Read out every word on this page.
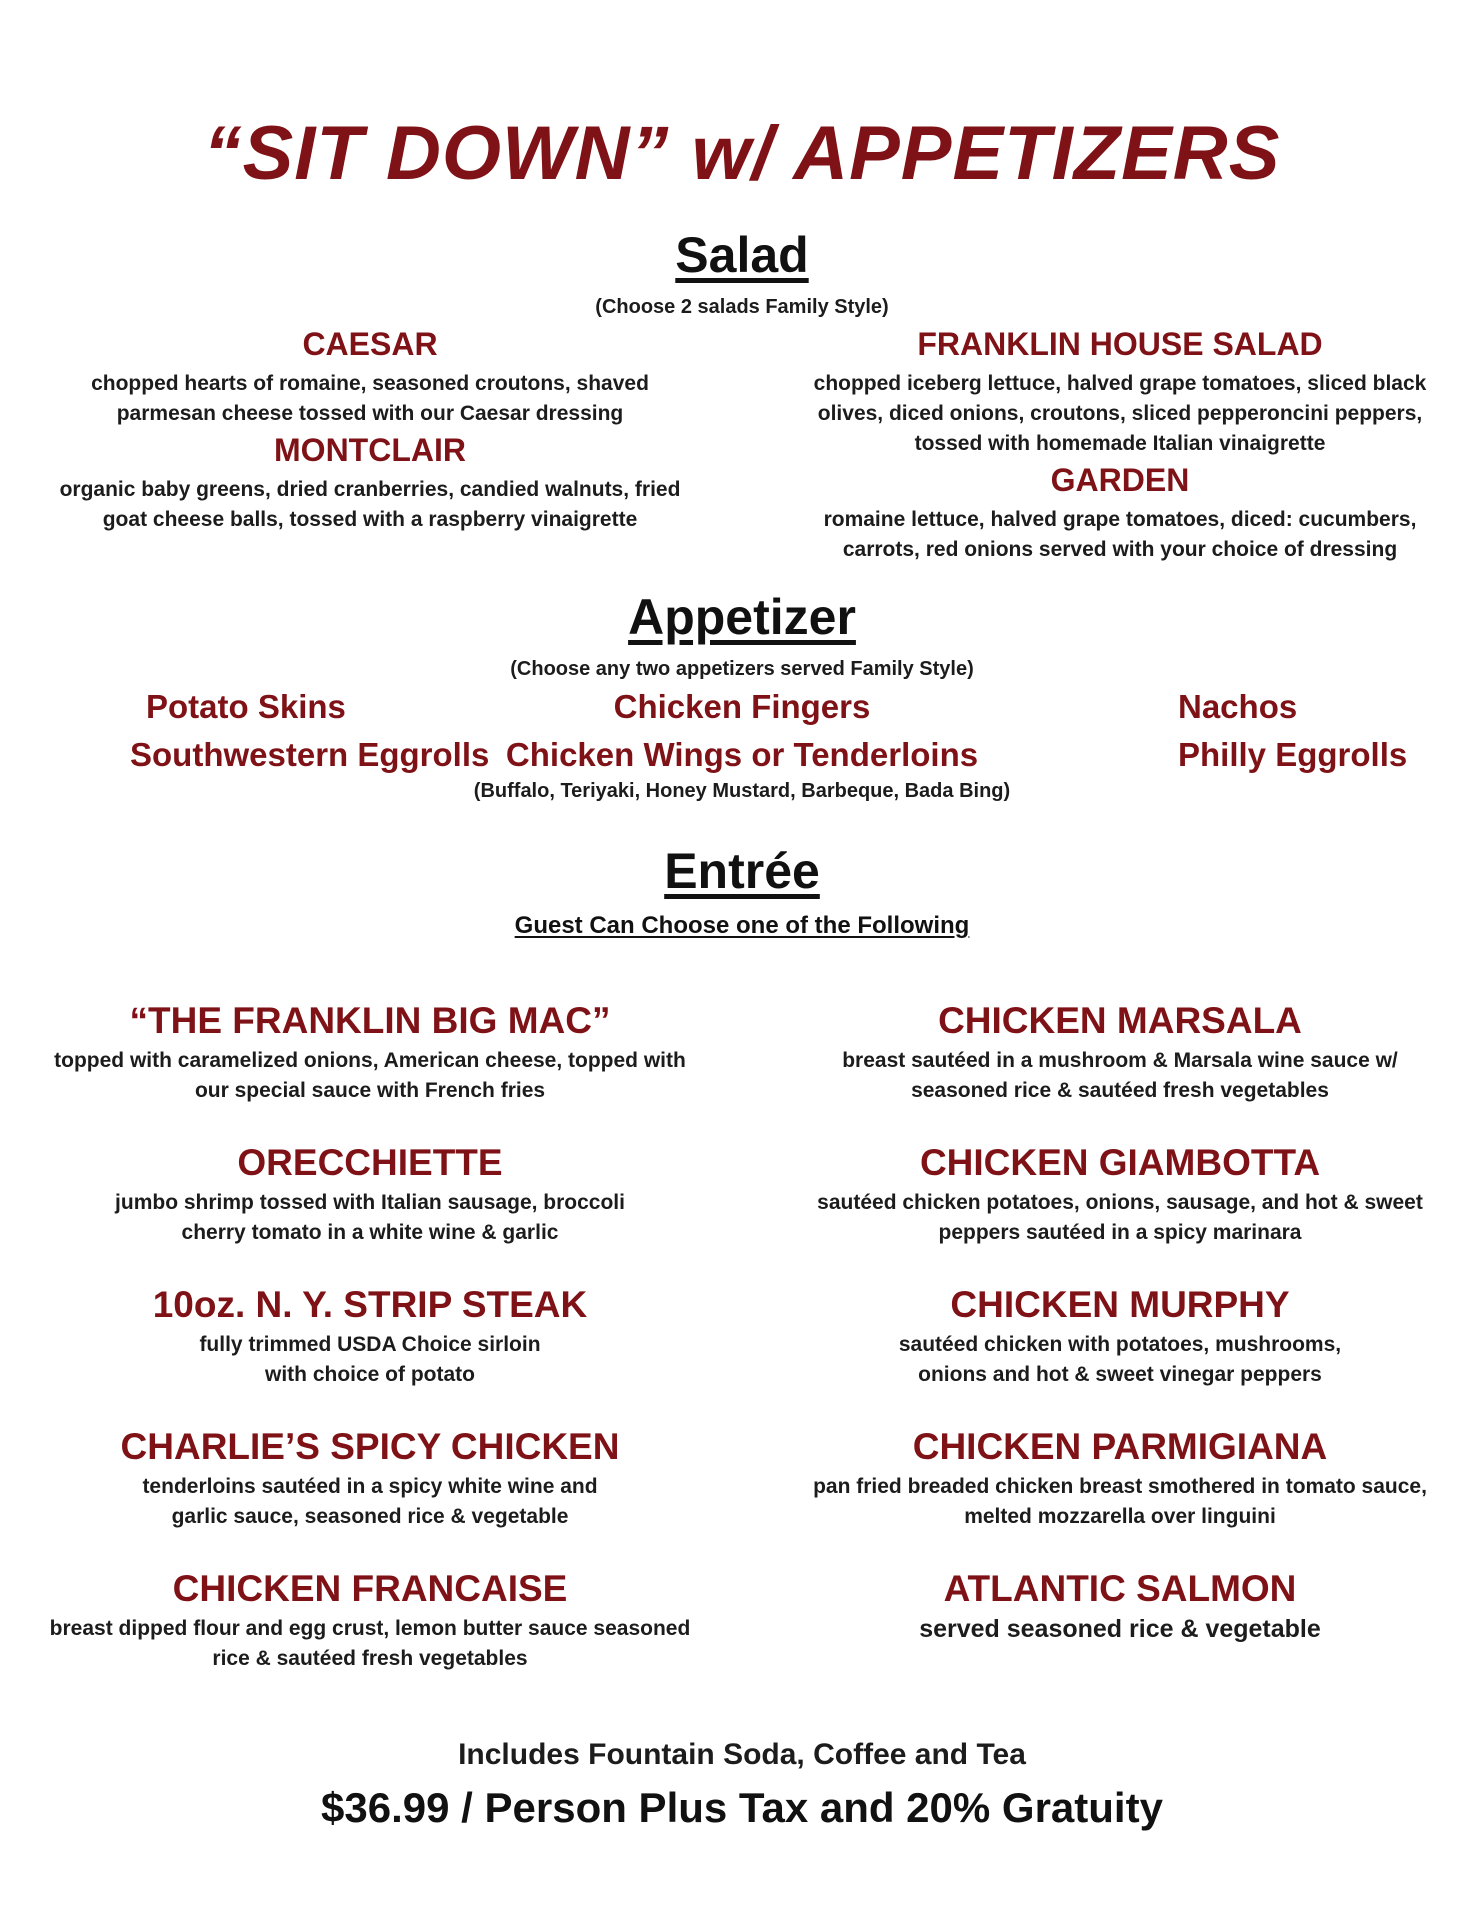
“SIT DOWN” w/ APPETIZERS
Salad
(Choose 2 salads Family Style)
CAESAR
chopped hearts of romaine, seasoned croutons, shaved
parmesan cheese tossed with our Caesar dressing
MONTCLAIR
organic baby greens, dried cranberries, candied walnuts, fried
goat cheese balls, tossed with a raspberry vinaigrette
FRANKLIN HOUSE SALAD
chopped iceberg lettuce, halved grape tomatoes, sliced black
olives, diced onions, croutons, sliced pepperoncini peppers,
tossed with homemade Italian vinaigrette
GARDEN
romaine lettuce, halved grape tomatoes, diced: cucumbers,
carrots, red onions served with your choice of dressing
Appetizer
(Choose any two appetizers served Family Style)
Potato Skins	Chicken Fingers	Nachos
Southwestern Eggrolls Chicken Wings or Tenderloins	Philly Eggrolls
(Buffalo, Teriyaki, Honey Mustard, Barbeque, Bada Bing)
Entrée
Guest Can Choose one of the Following
“THE FRANKLIN BIG MAC”
topped with caramelized onions, American cheese, topped with
our special sauce with French fries
ORECCHIETTE
jumbo shrimp tossed with Italian sausage, broccoli
cherry tomato in a white wine & garlic
10oz. N. Y. STRIP STEAK
fully trimmed USDA Choice sirloin
with choice of potato
CHARLIE’S SPICY CHICKEN
tenderloins sautéed in a spicy white wine and
garlic sauce, seasoned rice & vegetable
CHICKEN FRANCAISE
breast dipped flour and egg crust, lemon butter sauce seasoned
rice & sautéed fresh vegetables
CHICKEN MARSALA
breast sautéed in a mushroom & Marsala wine sauce w/
seasoned rice & sautéed fresh vegetables
CHICKEN GIAMBOTTA
sautéed chicken potatoes, onions, sausage, and hot & sweet
peppers sautéed in a spicy marinara
CHICKEN MURPHY
sautéed chicken with potatoes, mushrooms,
onions and hot & sweet vinegar peppers
CHICKEN PARMIGIANA
pan fried breaded chicken breast smothered in tomato sauce,
melted mozzarella over linguini
ATLANTIC SALMON
served seasoned rice & vegetable
Includes Fountain Soda, Coffee and Tea
$36.99 / Person Plus Tax and 20% Gratuity
